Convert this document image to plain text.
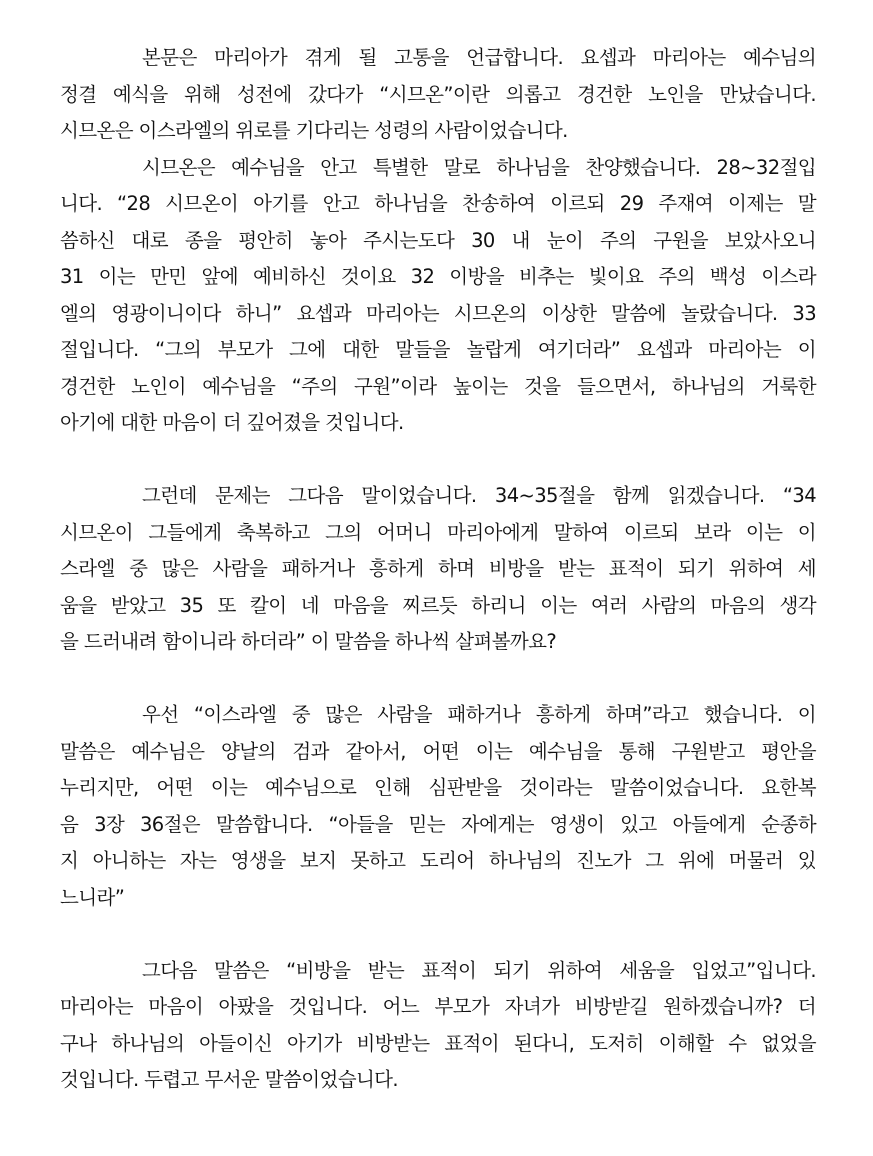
본문은 마리아가 겪게 될 고통을 언급합니다. 요셉과 마리아는 예수님의
정결 예식을 위해 성전에 갔다가 “시므온”이란 의롭고 경건한 노인을 만났습니다.
시므온은 이스라엘의 위로를 기다리는 성령의 사람이었습니다.

시므온은 예수님을 안고 특별한 말로 하나님을 찬양했습니다. 28~32절입
니다. “28 시므온이 아기를 안고 하나님을 찬송하여 이르되 29 주재여 이제는 말
씀하신 대로 종을 평안히 놓아 주시는도다 30 내 눈이 주의 구원을 보았사오니
31 이는 만민 앞에 예비하신 것이요 32 이방을 비추는 빛이요 주의 백성 이스라
엘의 영광이니이다 하니” 요셉과 마리아는 시므온의 이상한 말씀에 놀랐습니다. 33
절입니다. “그의 부모가 그에 대한 말들을 놀랍게 여기더라” 요셉과 마리아는 이
경건한 노인이 예수님을 “주의 구원”이라 높이는 것을 들으면서, 하나님의 거룩한
아기에 대한 마음이 더 깊어졌을 것입니다.

그런데 문제는 그다음 말이었습니다. 34~35절을 함께 읽겠습니다. “34
시므온이 그들에게 축복하고 그의 어머니 마리아에게 말하여 이르되 보라 이는 이
스라엘 중 많은 사람을 패하거나 흥하게 하며 비방을 받는 표적이 되기 위하여 세
움을 받았고 35 또 칼이 네 마음을 찌르듯 하리니 이는 여러 사람의 마음의 생각
을 드러내려 함이니라 하더라” 이 말씀을 하나씩 살펴볼까요?

우선 “이스라엘 중 많은 사람을 패하거나 흥하게 하며”라고 했습니다. 이
말씀은 예수님은 양날의 검과 같아서, 어떤 이는 예수님을 통해 구원받고 평안을
누리지만, 어떤 이는 예수님으로 인해 심판받을 것이라는 말씀이었습니다. 요한복
음 3장 36절은 말씀합니다. “아들을 믿는 자에게는 영생이 있고 아들에게 순종하
지 아니하는 자는 영생을 보지 못하고 도리어 하나님의 진노가 그 위에 머물러 있
느니라”

그다음 말씀은 “비방을 받는 표적이 되기 위하여 세움을 입었고”입니다.
마리아는 마음이 아팠을 것입니다. 어느 부모가 자녀가 비방받길 원하겠습니까? 더
구나 하나님의 아들이신 아기가 비방받는 표적이 된다니, 도저히 이해할 수 없었을
것입니다. 두렵고 무서운 말씀이었습니다.
